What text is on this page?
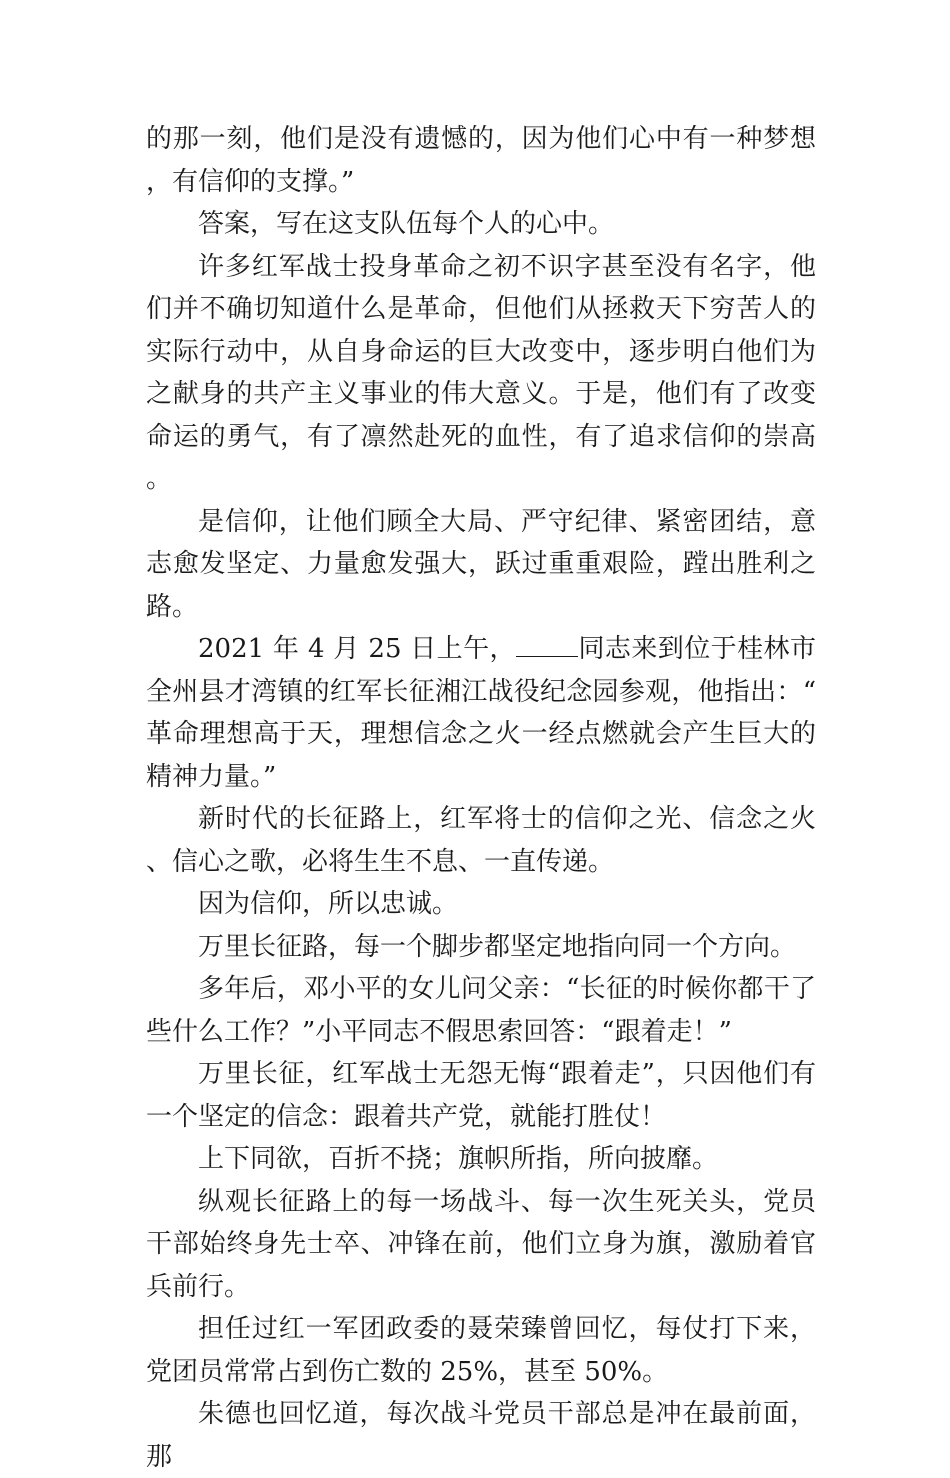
的那一刻，他们是没有遗憾的，因为他们心中有一种梦想，有信仰的支撑。”

答案，写在这支队伍每个人的心中。

许多红军战士投身革命之初不识字甚至没有名字，他们并不确切知道什么是革命，但他们从拯救天下穷苦人的实际行动中，从自身命运的巨大改变中，逐步明白他们为之献身的共产主义事业的伟大意义。于是，他们有了改变命运的勇气，有了凛然赴死的血性，有了追求信仰的崇高。

是信仰，让他们顾全大局、严守纪律、紧密团结，意志愈发坚定、力量愈发强大，跃过重重艰险，蹚出胜利之路。

2021 年 4 月 25 日上午， 同志来到位于桂林市全州县才湾镇的红军长征湘江战役纪念园参观，他指出：“革命理想高于天，理想信念之火一经点燃就会产生巨大的精神力量。”

新时代的长征路上，红军将士的信仰之光、信念之火、信心之歌，必将生生不息、一直传递。

因为信仰，所以忠诚。

万里长征路，每一个脚步都坚定地指向同一个方向。

多年后，邓小平的女儿问父亲：“长征的时候你都干了些什么工作？”小平同志不假思索回答：“跟着走！”

万里长征，红军战士无怨无悔“跟着走”，只因他们有一个坚定的信念：跟着共产党，就能打胜仗！

上下同欲，百折不挠；旗帜所指，所向披靡。

纵观长征路上的每一场战斗、每一次生死关头，党员干部始终身先士卒、冲锋在前，他们立身为旗，激励着官兵前行。

担任过红一军团政委的聂荣臻曾回忆，每仗打下来，党团员常常占到伤亡数的 25%，甚至 50%。

朱德也回忆道，每次战斗党员干部总是冲在最前面，那
